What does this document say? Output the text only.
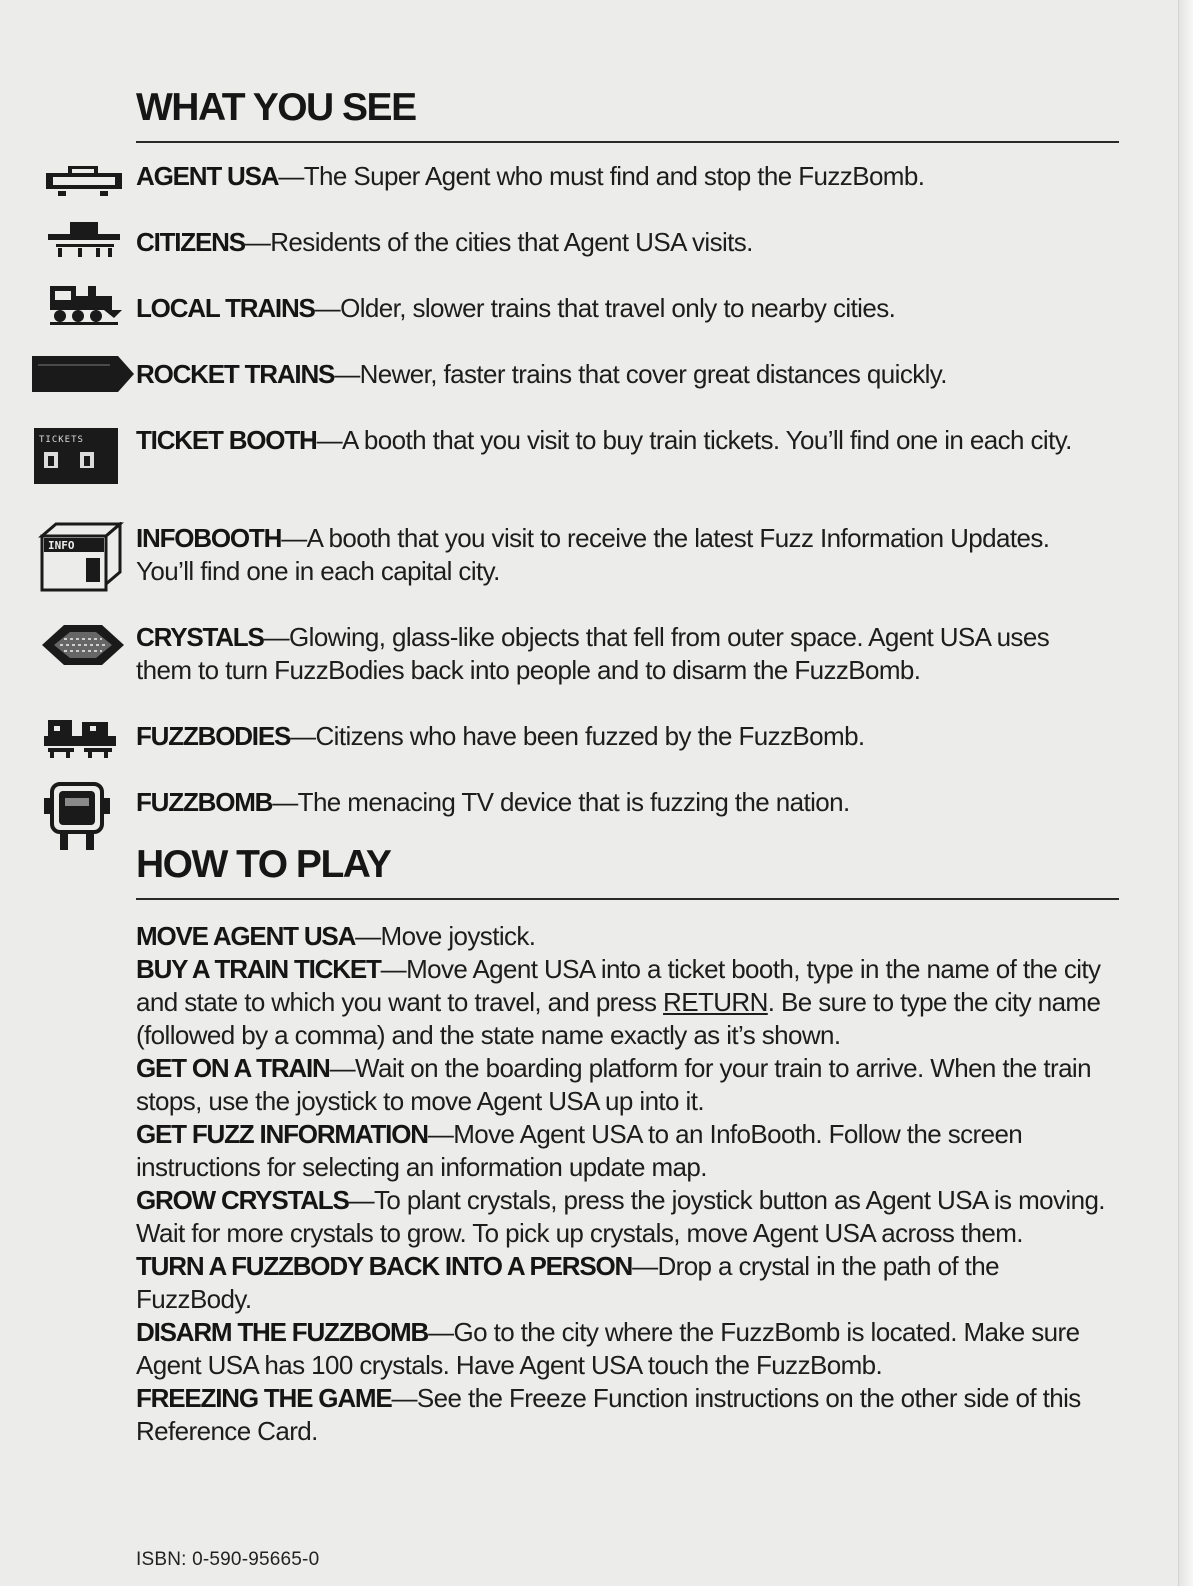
WHAT YOU SEE
AGENT USA—The Super Agent who must find and stop the FuzzBomb.
CITIZENS—Residents of the cities that Agent USA visits.
LOCAL TRAINS—Older, slower trains that travel only to nearby cities.
ROCKET TRAINS—Newer, faster trains that cover great distances quickly.
TICKETS TICKET BOOTH—A booth that you visit to buy train tickets. You’ll find one in each city.
INFO INFOBOOTH—A booth that you visit to receive the latest Fuzz Information Updates. You’ll find one in each capital city.
CRYSTALS—Glowing, glass-like objects that fell from outer space. Agent USA uses them to turn FuzzBodies back into people and to disarm the FuzzBomb.
FUZZBODIES—Citizens who have been fuzzed by the FuzzBomb.
FUZZBOMB—The menacing TV device that is fuzzing the nation.
HOW TO PLAY

MOVE AGENT USA—Move joystick.

BUY A TRAIN TICKET—Move Agent USA into a ticket booth, type in the name of the city and state to which you want to travel, and press RETURN. Be sure to type the city name (followed by a comma) and the state name exactly as it’s shown.

GET ON A TRAIN—Wait on the boarding platform for your train to arrive. When the train stops, use the joystick to move Agent USA up into it.

GET FUZZ INFORMATION—Move Agent USA to an InfoBooth. Follow the screen instructions for selecting an information update map.

GROW CRYSTALS—To plant crystals, press the joystick button as Agent USA is moving. Wait for more crystals to grow. To pick up crystals, move Agent USA across them.

TURN A FUZZBODY BACK INTO A PERSON—Drop a crystal in the path of the FuzzBody.

DISARM THE FUZZBOMB—Go to the city where the FuzzBomb is located. Make sure Agent USA has 100 crystals. Have Agent USA touch the FuzzBomb.

FREEZING THE GAME—See the Freeze Function instructions on the other side of this Reference Card.

ISBN: 0-590-95665-0
